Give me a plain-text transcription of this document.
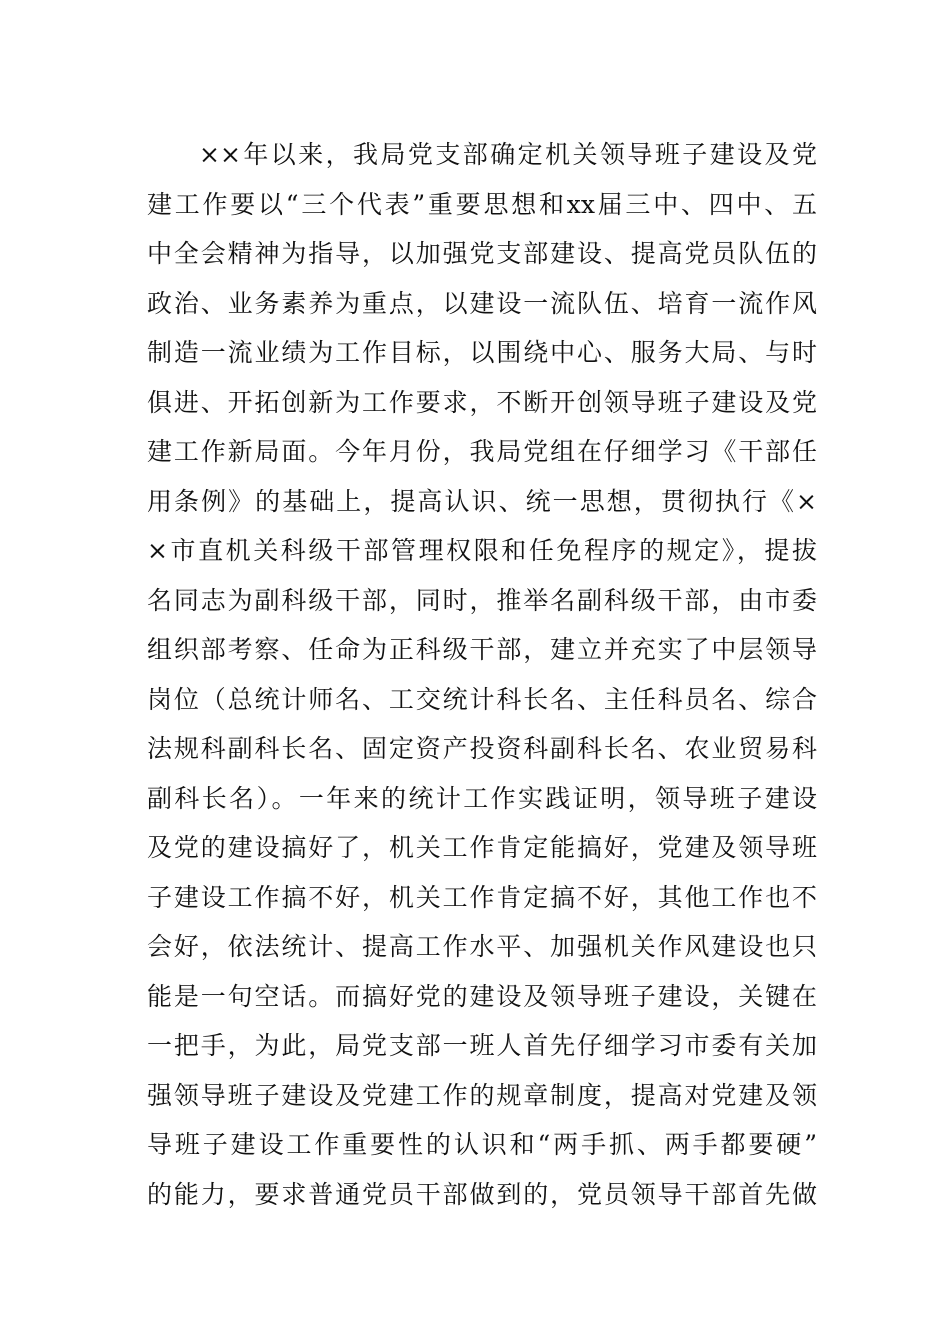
××年以来，我局党支部确定机关领导班子建设及党
建工作要以“三个代表”重要思想和xx届三中、四中、五
中全会精神为指导，以加强党支部建设、提高党员队伍的
政治、业务素养为重点，以建设一流队伍、培育一流作风
制造一流业绩为工作目标，以围绕中心、服务大局、与时
俱进、开拓创新为工作要求，不断开创领导班子建设及党
建工作新局面。今年月份，我局党组在仔细学习《干部任
用条例》的基础上，提高认识、统一思想，贯彻执行《×
×市直机关科级干部管理权限和任免程序的规定》，提拔
名同志为副科级干部，同时，推举名副科级干部，由市委
组织部考察、任命为正科级干部，建立并充实了中层领导
岗位（总统计师名、工交统计科长名、主任科员名、综合
法规科副科长名、固定资产投资科副科长名、农业贸易科
副科长名）。一年来的统计工作实践证明，领导班子建设
及党的建设搞好了，机关工作肯定能搞好，党建及领导班
子建设工作搞不好，机关工作肯定搞不好，其他工作也不
会好，依法统计、提高工作水平、加强机关作风建设也只
能是一句空话。而搞好党的建设及领导班子建设，关键在
一把手，为此，局党支部一班人首先仔细学习市委有关加
强领导班子建设及党建工作的规章制度，提高对党建及领
导班子建设工作重要性的认识和“两手抓、两手都要硬”
的能力，要求普通党员干部做到的，党员领导干部首先做
